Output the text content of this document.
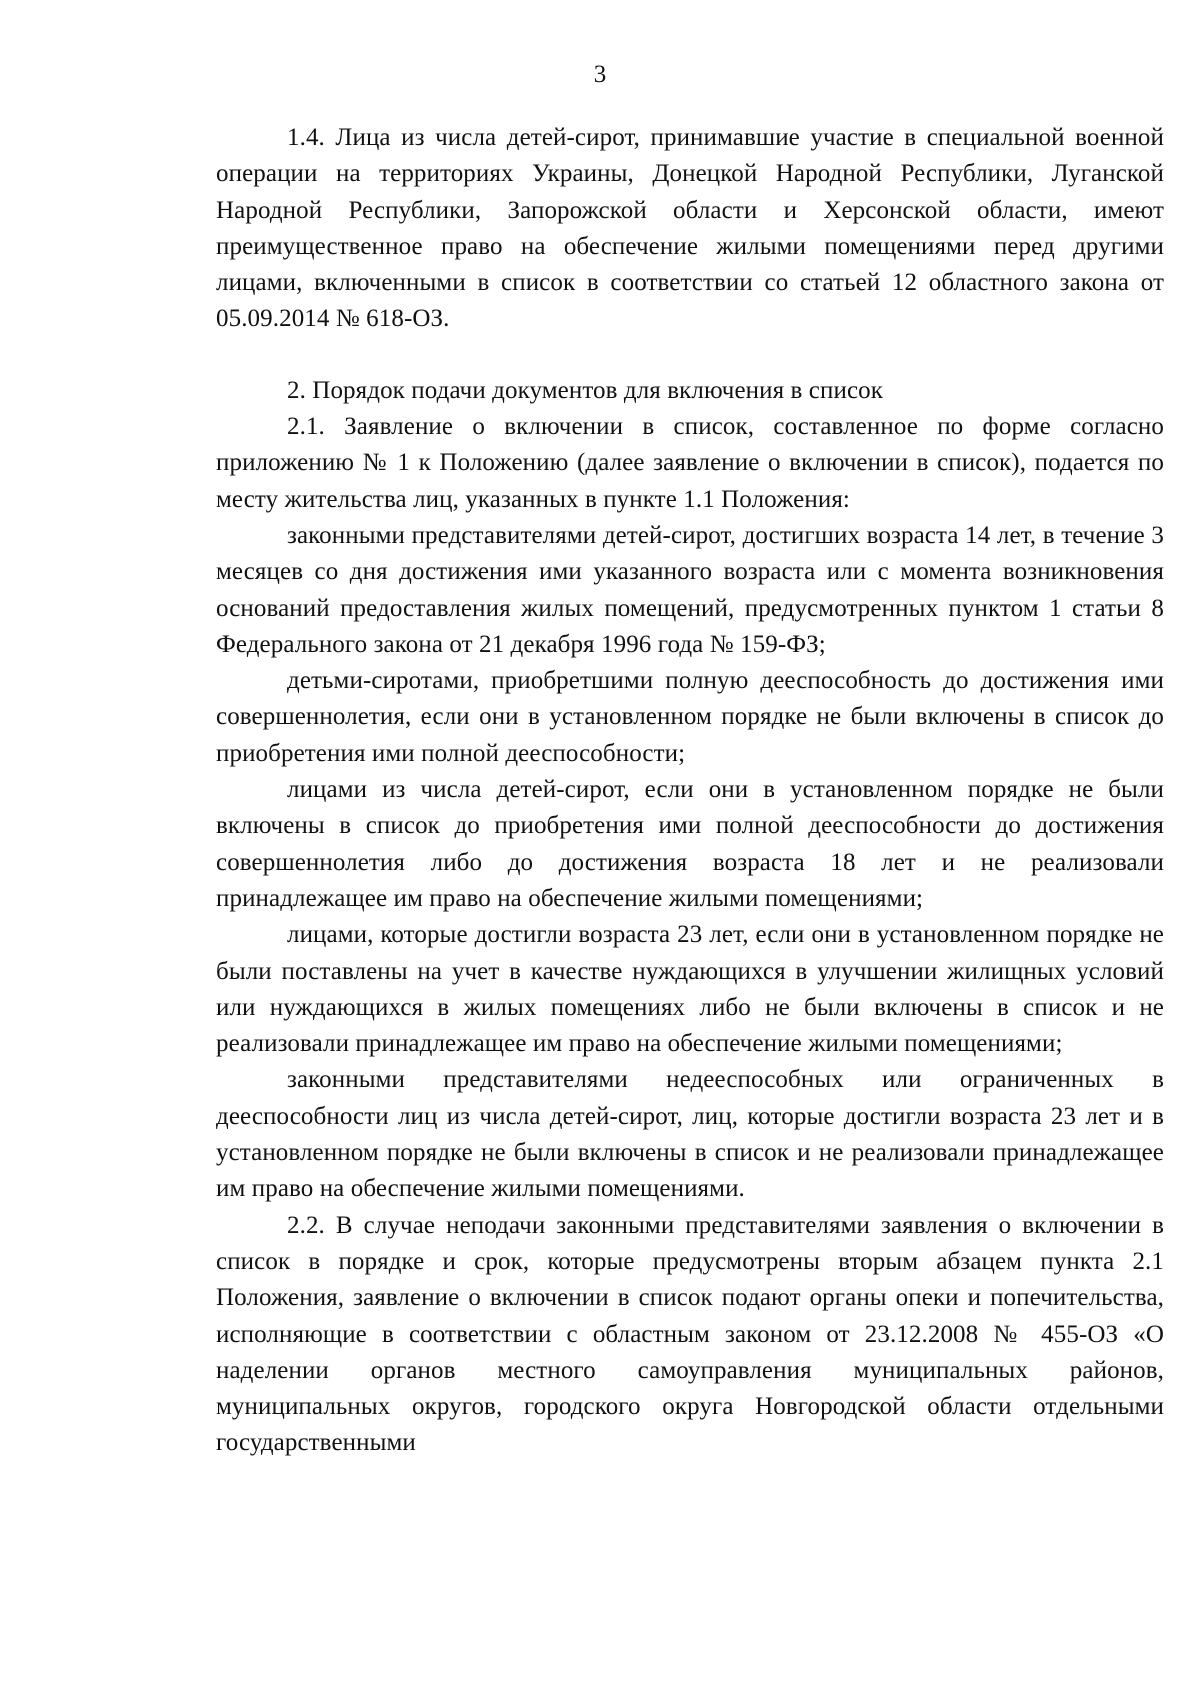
3

1.4. Лица из числа детей-сирот, принимавшие участие в специальной военной операции на территориях Украины, Донецкой Народной Республики, Луганской Народной Республики, Запорожской области и Херсонской области, имеют преимущественное право на обеспечение жилыми помещениями перед другими лицами, включенными в список в соответствии со статьей 12 областного закона от 05.09.2014 № 618-ОЗ.

2. Порядок подачи документов для включения в список

2.1. Заявление о включении в список, составленное по форме согласно приложению № 1 к Положению (далее заявление о включении в список), подается по месту жительства лиц, указанных в пункте 1.1 Положения:

законными представителями детей-сирот, достигших возраста 14 лет, в течение 3 месяцев со дня достижения ими указанного возраста или с момента возникновения оснований предоставления жилых помещений, предусмотренных пунктом 1 статьи 8 Федерального закона от 21 декабря 1996 года № 159-ФЗ;

детьми-сиротами, приобретшими полную дееспособность до достижения ими совершеннолетия, если они в установленном порядке не были включены в список до приобретения ими полной дееспособности;

лицами из числа детей-сирот, если они в установленном порядке не были включены в список до приобретения ими полной дееспособности до достижения совершеннолетия либо до достижения возраста 18 лет и не реализовали принадлежащее им право на обеспечение жилыми помещениями;

лицами, которые достигли возраста 23 лет, если они в установленном порядке не были поставлены на учет в качестве нуждающихся в улучшении жилищных условий или нуждающихся в жилых помещениях либо не были включены в список и не реализовали принадлежащее им право на обеспечение жилыми помещениями;

законными представителями недееспособных или ограниченных в дееспособности лиц из числа детей-сирот, лиц, которые достигли возраста 23 лет и в установленном порядке не были включены в список и не реализовали принадлежащее им право на обеспечение жилыми помещениями.

2.2. В случае неподачи законными представителями заявления о включении в список в порядке и срок, которые предусмотрены вторым абзацем пункта 2.1 Положения, заявление о включении в список подают органы опеки и попечительства, исполняющие в соответствии с областным законом от 23.12.2008 № 455-ОЗ «О наделении органов местного самоуправления муниципальных районов, муниципальных округов, городского округа Новгородской области отдельными государственными
